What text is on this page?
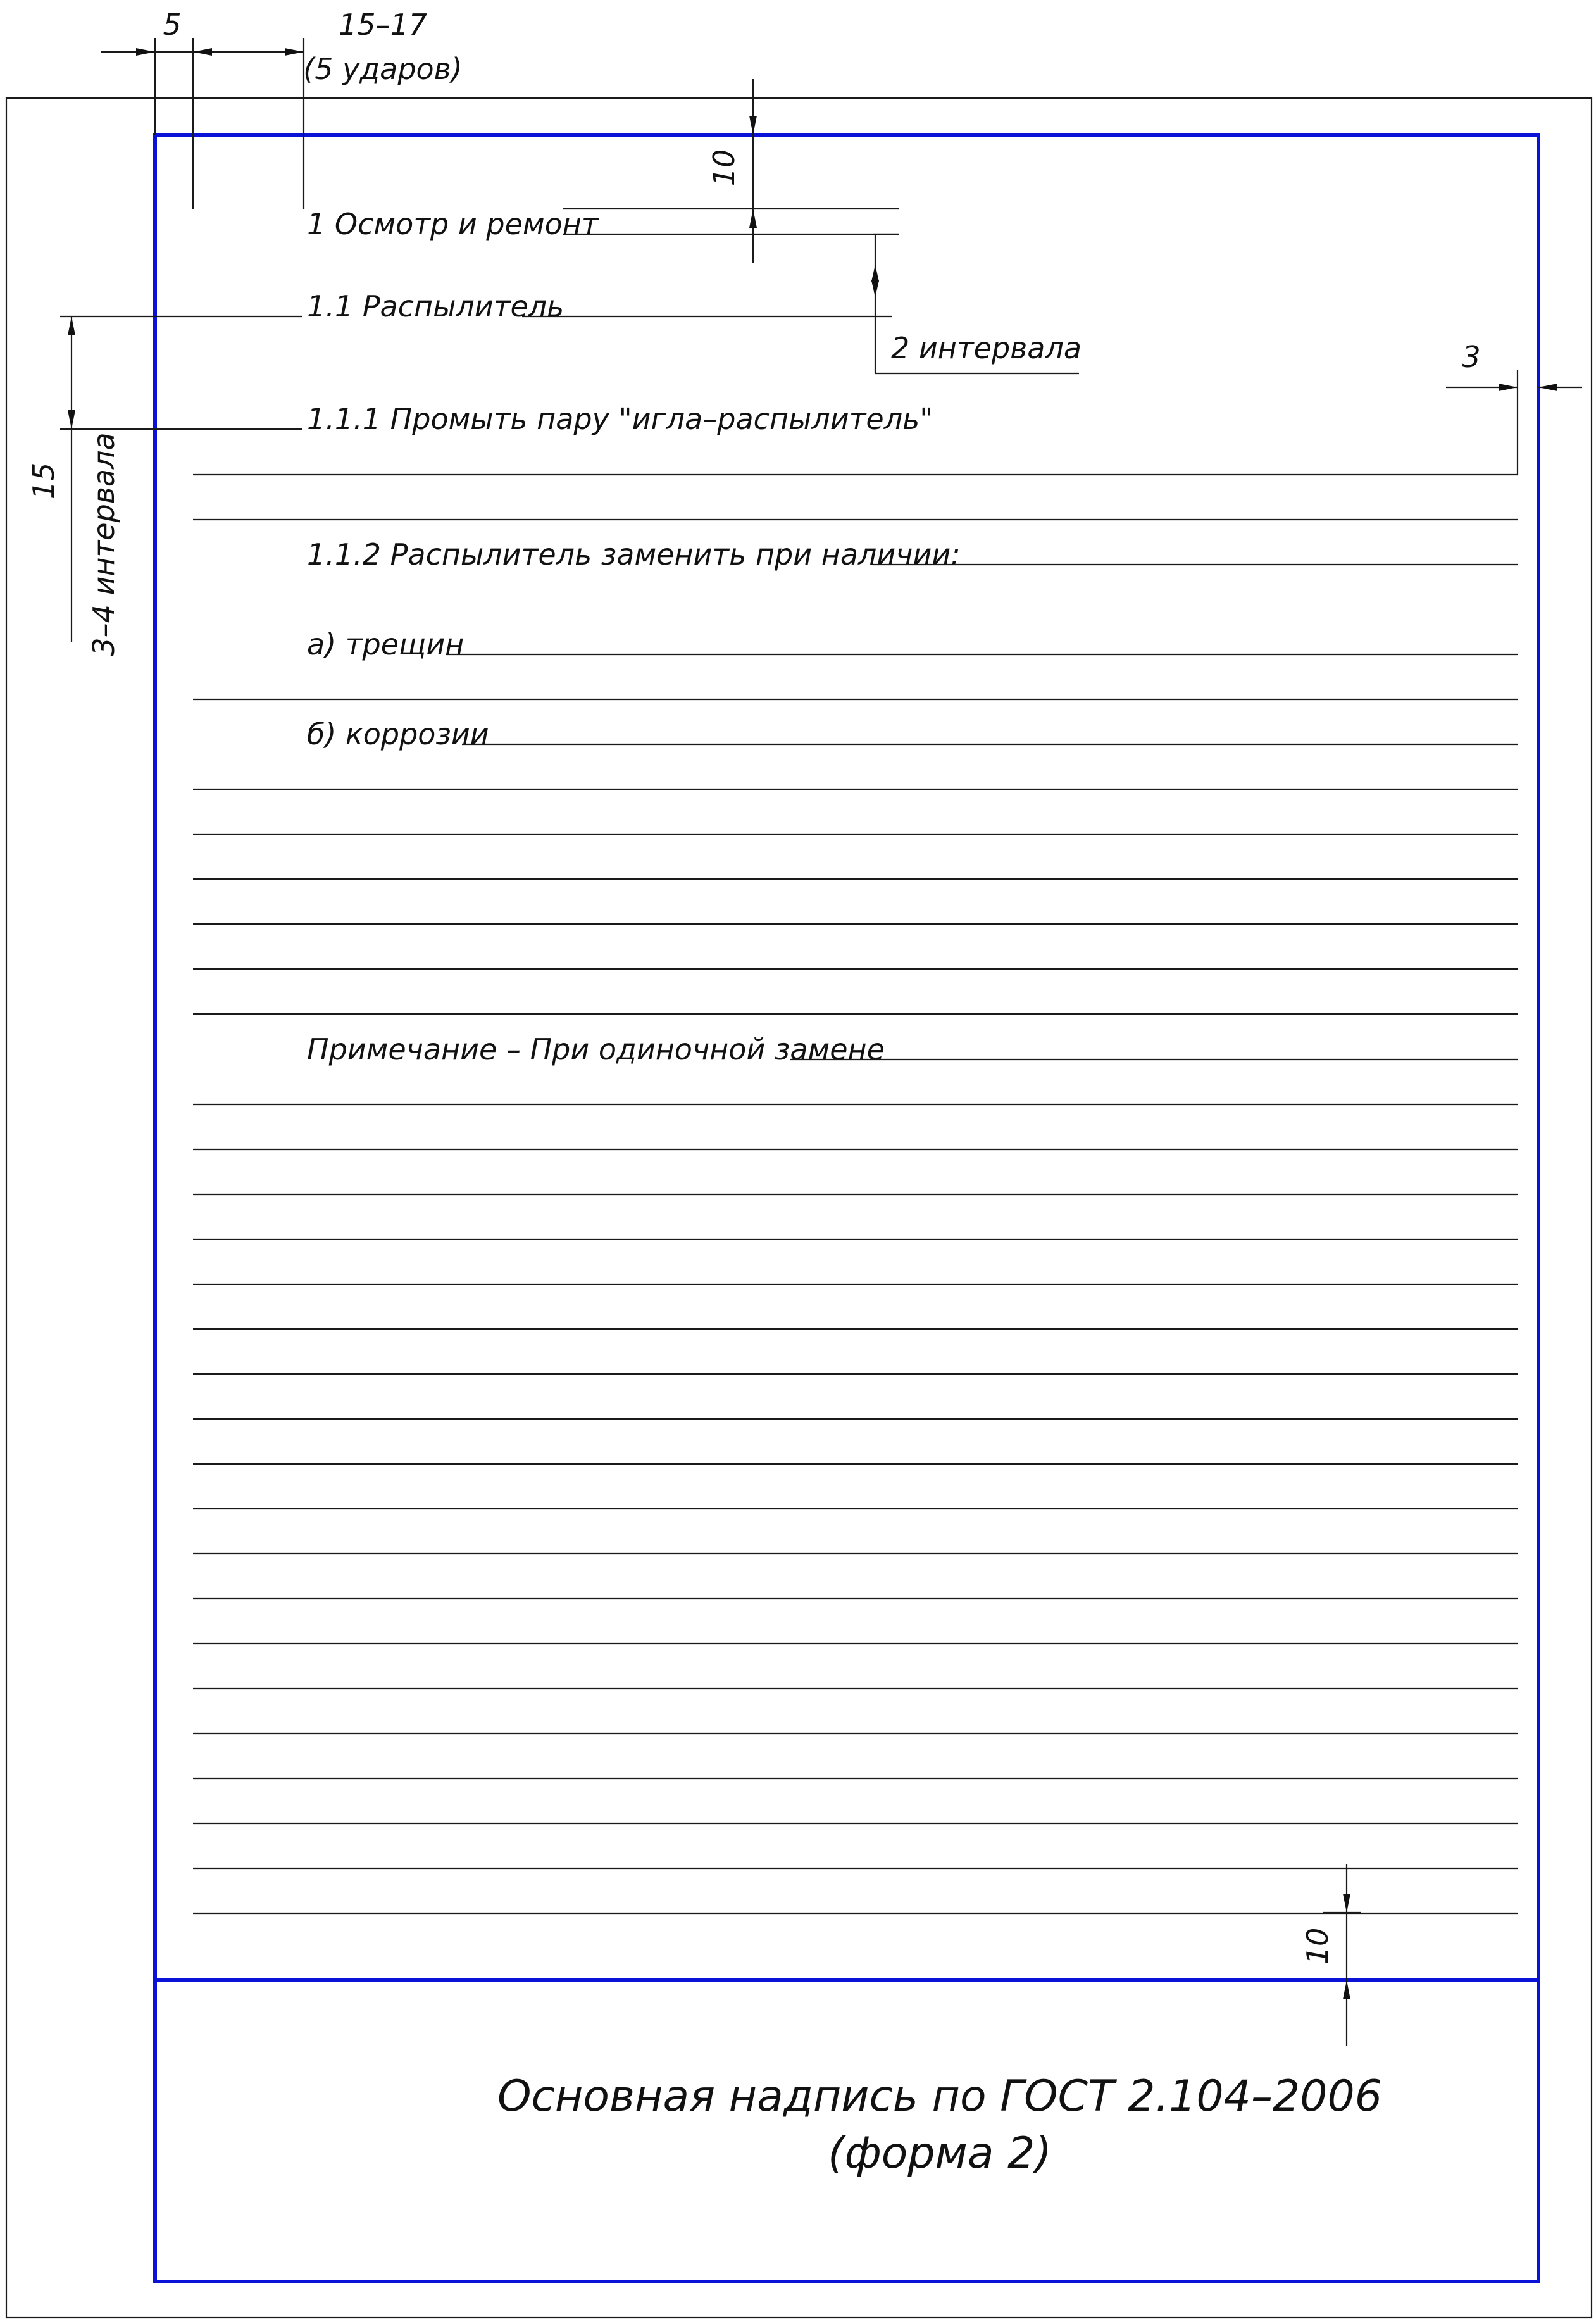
5	15–17
(5 ударов)
10
2 интервала	3
15 3–4 интервала
1 Осмотр и ремонт
1.1 Распылитель
1.1.1 Промыть пару "игла–распылитель"
1.1.2 Распылитель заменить при наличии:
а) трещин
б) коррозии
Примечание – При одиночной замене
10
Основная надпись по ГОСТ 2.104–2006
(форма 2)
